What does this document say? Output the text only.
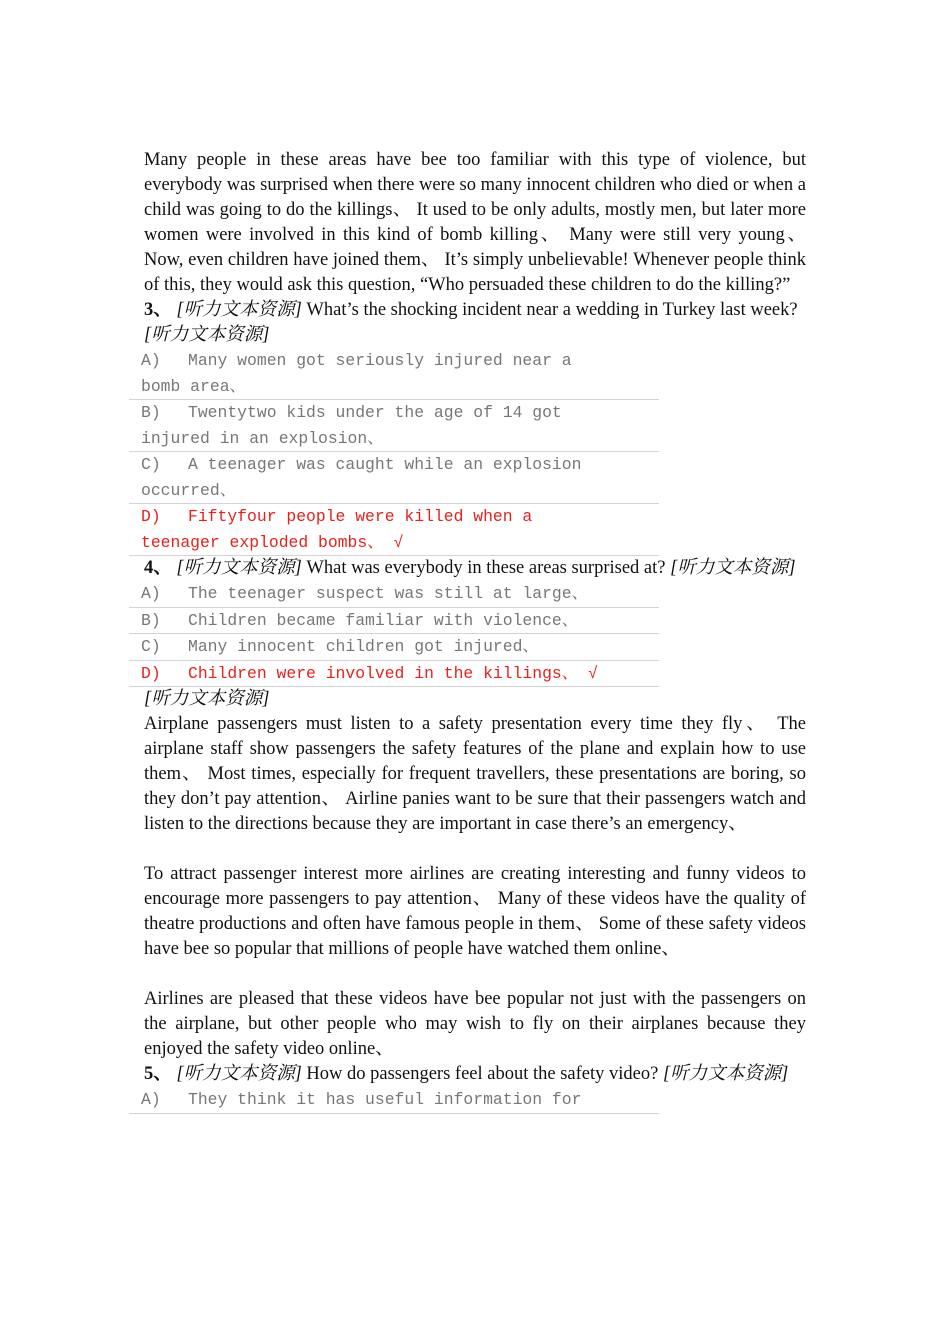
Many people in these areas have bee too familiar with this type of violence, but everybody was surprised when there were so many innocent children who died or when a child was going to do the killings、 It used to be only adults, mostly men, but later more women were involved in this kind of bomb killing、 Many were still very young、 Now, even children have joined them、 It’s simply unbelievable! Whenever people think of this, they would ask this question, “Who persuaded these children to do the killing?”

3、 [听力文本资源] What’s the shocking incident near a wedding in Turkey last week? [听力文本资源]

A) Many women got seriously injured near a bomb area、
B) Twentytwo kids under the age of 14 got injured in an explosion、
C) A teenager was caught while an explosion occurred、
D) Fiftyfour people were killed when a teenager exploded bombs、 √

4、 [听力文本资源] What was everybody in these areas surprised at? [听力文本资源]

A) The teenager suspect was still at large、
B) Children became familiar with violence、
C) Many innocent children got injured、
D) Children were involved in the killings、 √

[听力文本资源]

Airplane passengers must listen to a safety presentation every time they fly、 The airplane staff show passengers the safety features of the plane and explain how to use them、 Most times, especially for frequent travellers, these presentations are boring, so they don’t pay attention、 Airline panies want to be sure that their passengers watch and listen to the directions because they are important in case there’s an emergency、

To attract passenger interest more airlines are creating interesting and funny videos to encourage more passengers to pay attention、 Many of these videos have the quality of theatre productions and often have famous people in them、 Some of these safety videos have bee so popular that millions of people have watched them online、

Airlines are pleased that these videos have bee popular not just with the passengers on the airplane, but other people who may wish to fly on their airplanes because they enjoyed the safety video online、

5、 [听力文本资源] How do passengers feel about the safety video? [听力文本资源]

A) They think it has useful information for
